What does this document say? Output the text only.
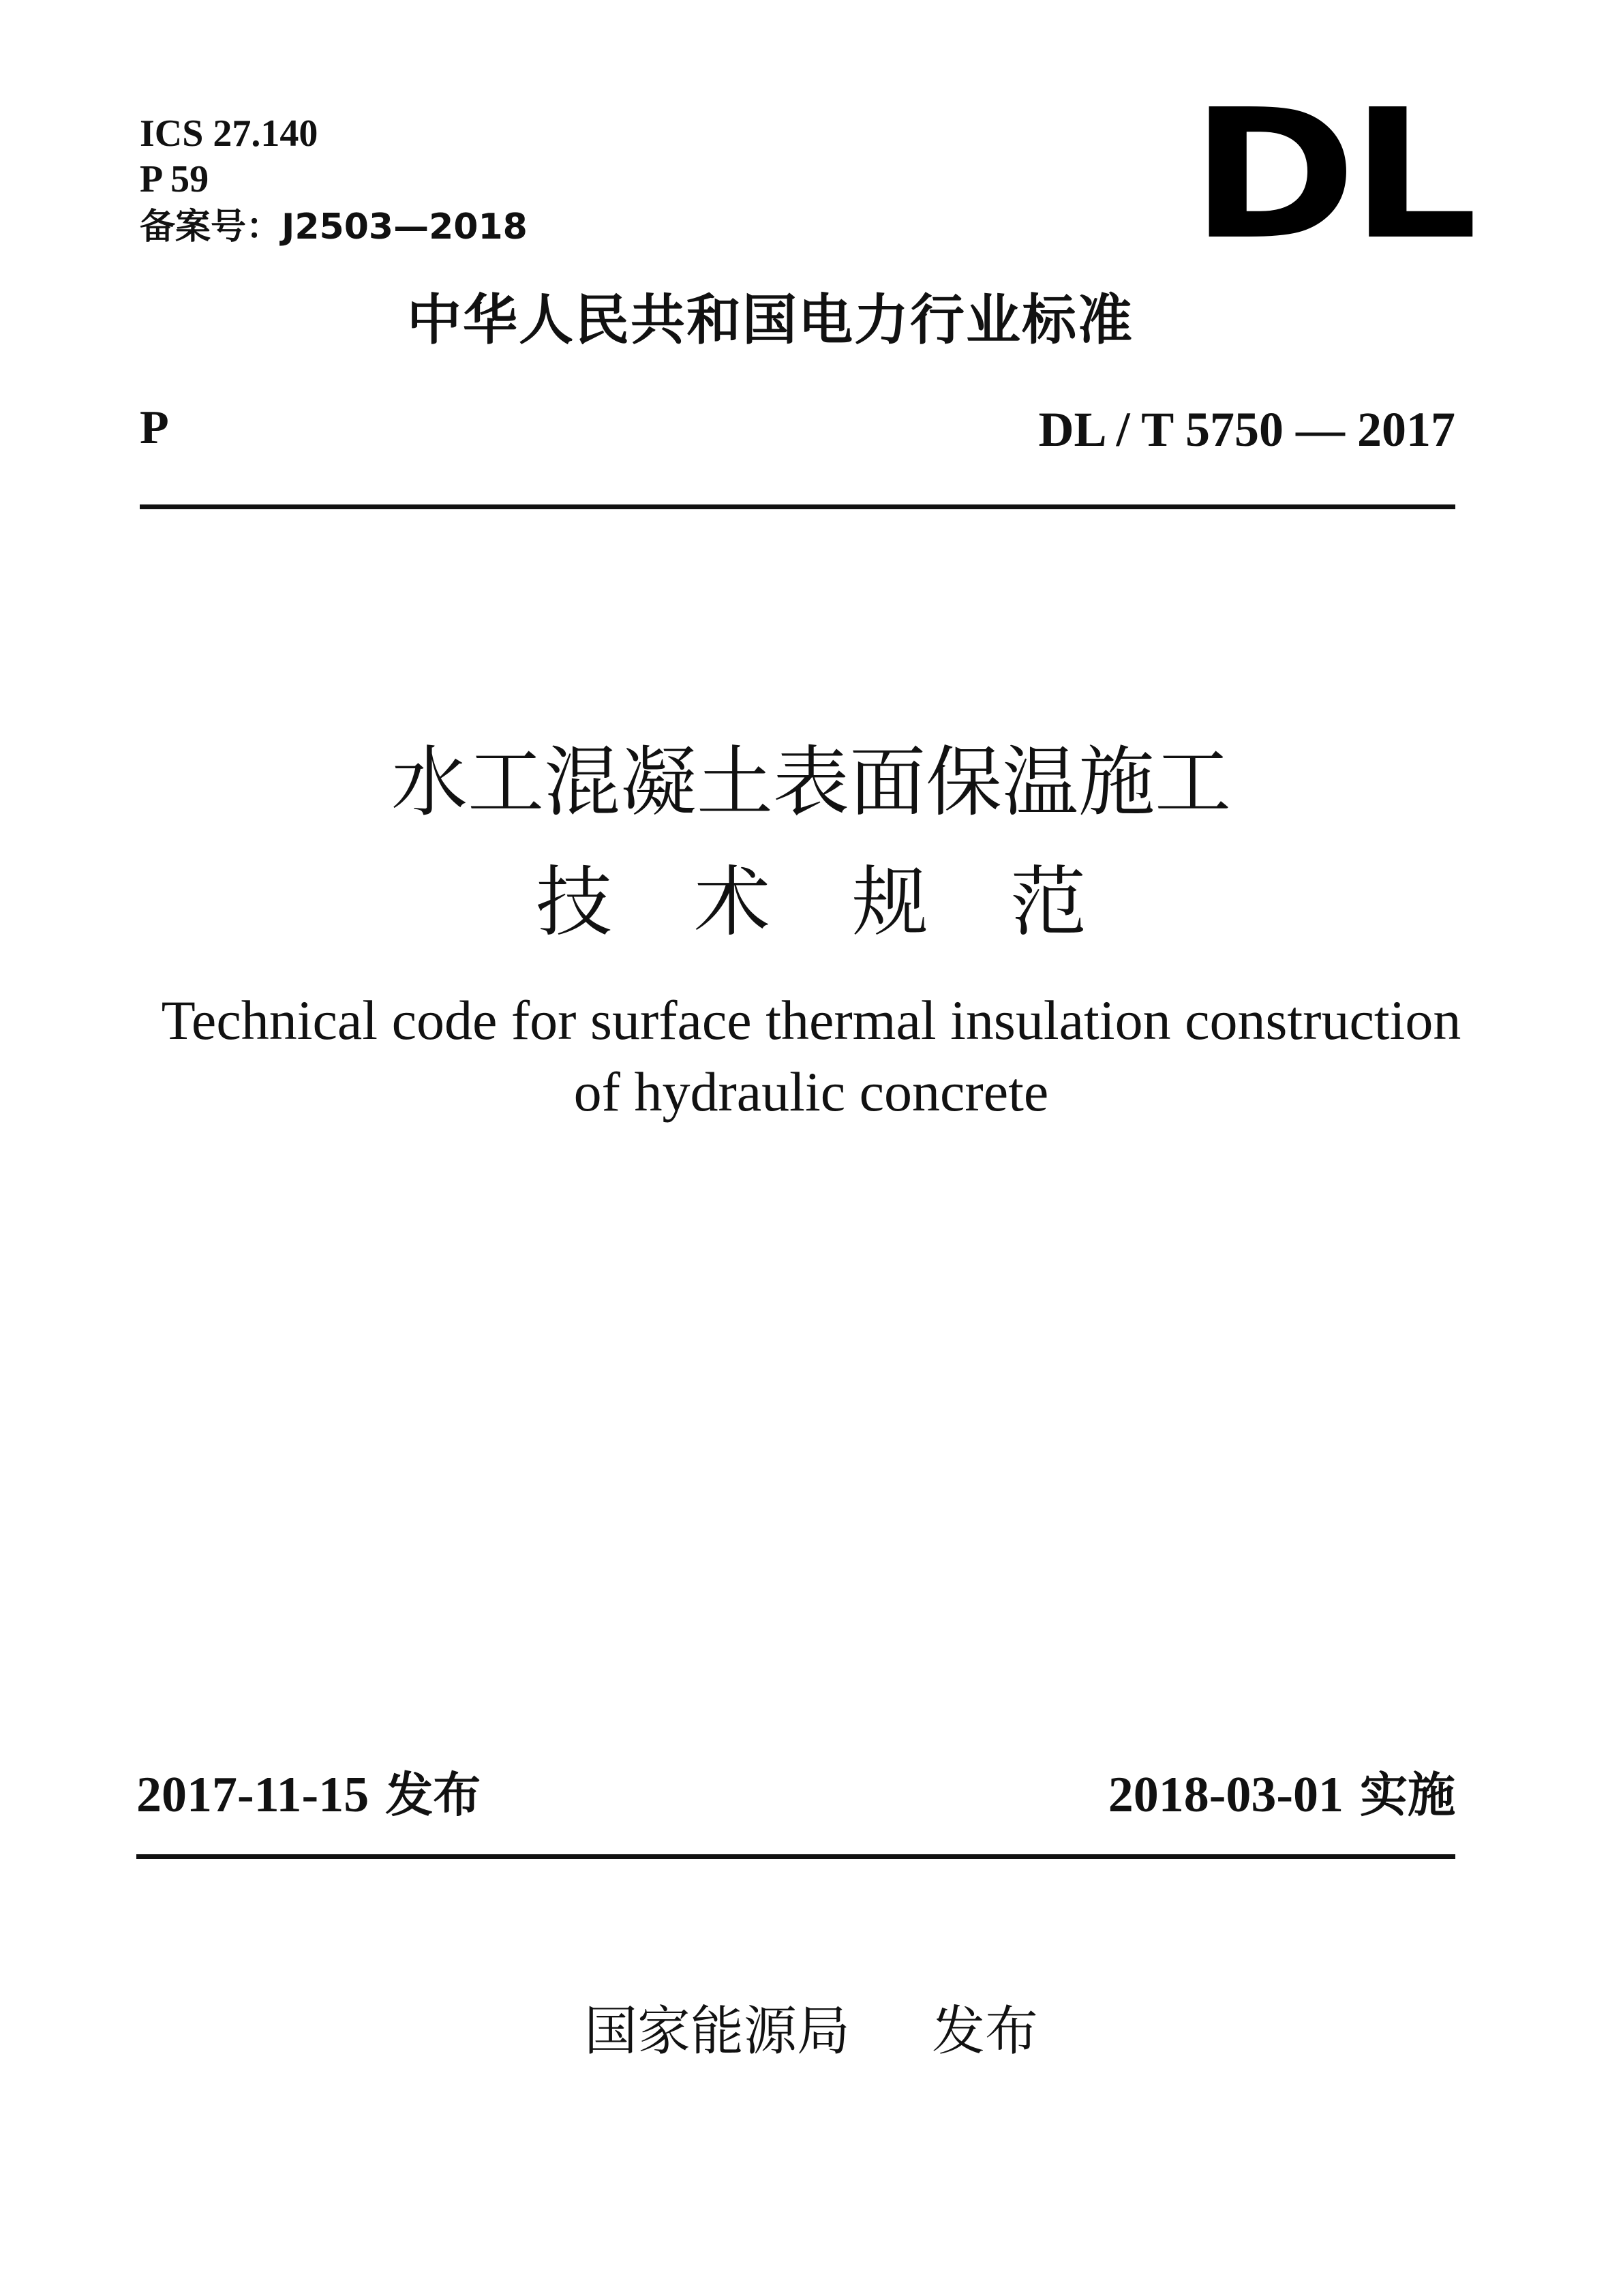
ICS 27.140
P 59
备案号：J2503—2018	DL
中华人民共和国电力行业标准
P	DL / T 5750 — 2017
水工混凝土表面保温施工
技术规范
Technical code for surface thermal insulation construction
of hydraulic concrete
2017-11-15 发布	2018-03-01 实施
国家能源局 发布
